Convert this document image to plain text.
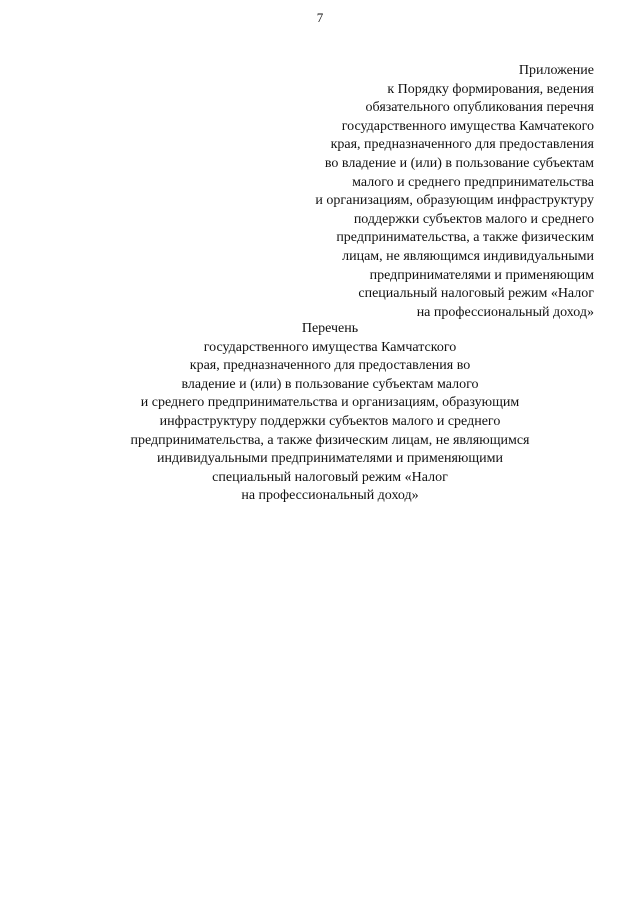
7
Приложение
к Порядку формирования, ведения
обязательного опубликования перечня
государственного имущества Камчатекого
края, предназначенного для предоставления
во владение и (или) в пользование субъектам
малого и среднего предпринимательства
и организациям, образующим инфраструктуру
поддержки субъектов малого и среднего
предпринимательства, а также физическим
лицам, не являющимся индивидуальными
предпринимателями и применяющим
специальный налоговый режим «Налог
на профессиональный доход»
Перечень
государственного имущества Камчатского
края, предназначенного для предоставления во
владение и (или) в пользование субъектам малого
и среднего предпринимательства и организациям, образующим
инфраструктуру поддержки субъектов малого и среднего
предпринимательства, а также физическим лицам, не являющимся
индивидуальными предпринимателями и применяющими
специальный налоговый режим «Налог
на профессиональный доход»
